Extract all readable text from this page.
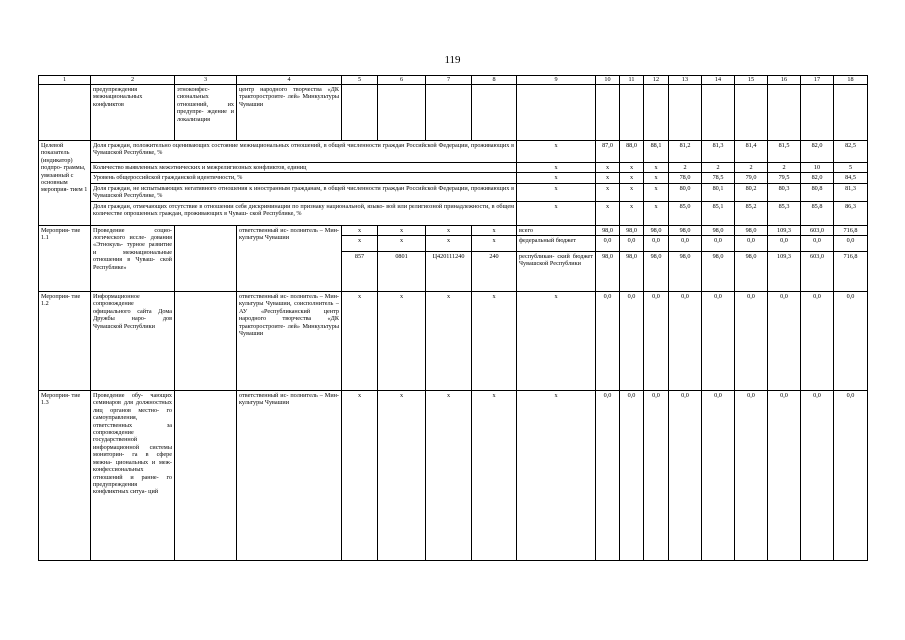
119
1	2	3	4	5	6	7	8	9	10	11	12	13	14	15	16	17	18
	предупреждения межнациональных конфликтов	этноконфес- сиональных отношений, их предупре- ждение и локализация	центр народного творчества «ДК тракторостроите- лей» Минкультуры Чувашии														
Целевой показатель (индикатор) подпро- граммы, увязанный с основным мероприя- тием 1	Доля граждан, положительно оценивающих состояние межнациональных отношений, в общей численности граждан Российской Федерации, проживающих в Чувашской Республике, %							x	87,0	88,0	88,1	81,2	81,3	81,4	81,5	82,0	82,5
	Количество выявленных межэтнических и межрелигиозных конфликтов, единиц							x	x	x	x	2	2	2	2	10	5
	Уровень общероссийской гражданской идентичности, %							x	x	x	x	78,0	78,5	79,0	79,5	82,0	84,5
	Доля граждан, не испытывающих негативного отношения к иностранным гражданам, в общей численности граждан Российской Федерации, проживающих в Чувашской Республике, %							x	x	x	x	80,0	80,1	80,2	80,3	80,8	81,3
	Доля граждан, отмечающих отсутствие в отношении себя дискриминации по признаку национальной, языко- вой или религиозной принадлежности, в общем количестве опрошенных граждан, проживающих в Чуваш- ской Республике, %							x	x	x	x	85,0	85,1	85,2	85,3	85,8	86,3
Мероприя- тие 1.1	Проведение социо- логического иссле- дования «Этнокуль- турное развитие и межнациональные отношения в Чуваш- ской Республике»		ответственный ис- полнитель – Мин- культуры Чувашии	x	x	x	x	всего	98,0	98,0	98,0	98,0	98,0	98,0	109,3	603,0	716,8
				x	x	x	x	федеральный бюджет	0,0	0,0	0,0	0,0	0,0	0,0	0,0	0,0	0,0
				857	0801	Ц420111240	240	республикан- ский бюджет Чувашской Республики	98,0	98,0	98,0	98,0	98,0	98,0	109,3	603,0	716,8
Мероприя- тие 1.2	Информационное сопровождение официального сайта Дома Дружбы наро- дов Чувашской Республики		ответственный ис- полнитель – Мин- культуры Чувашии, соисполнитель – АУ «Республиканский центр народного творчества «ДК тракторостроите- лей» Минкультуры Чувашии	x	x	x	x	x	0,0	0,0	0,0	0,0	0,0	0,0	0,0	0,0	0,0
Мероприя- тие 1.3	Проведение обу- чающих семинаров для должностных лиц органов местно- го самоуправления, ответственных за сопровождение государственной информационной системы мониторин- га в сфере межна- циональных и меж- конфессиональных отношений и ранне- го предупреждения конфликтных ситуа- ций		ответственный ис- полнитель – Мин- культуры Чувашии	x	x	x	x	x	0,0	0,0	0,0	0,0	0,0	0,0	0,0	0,0	0,0
